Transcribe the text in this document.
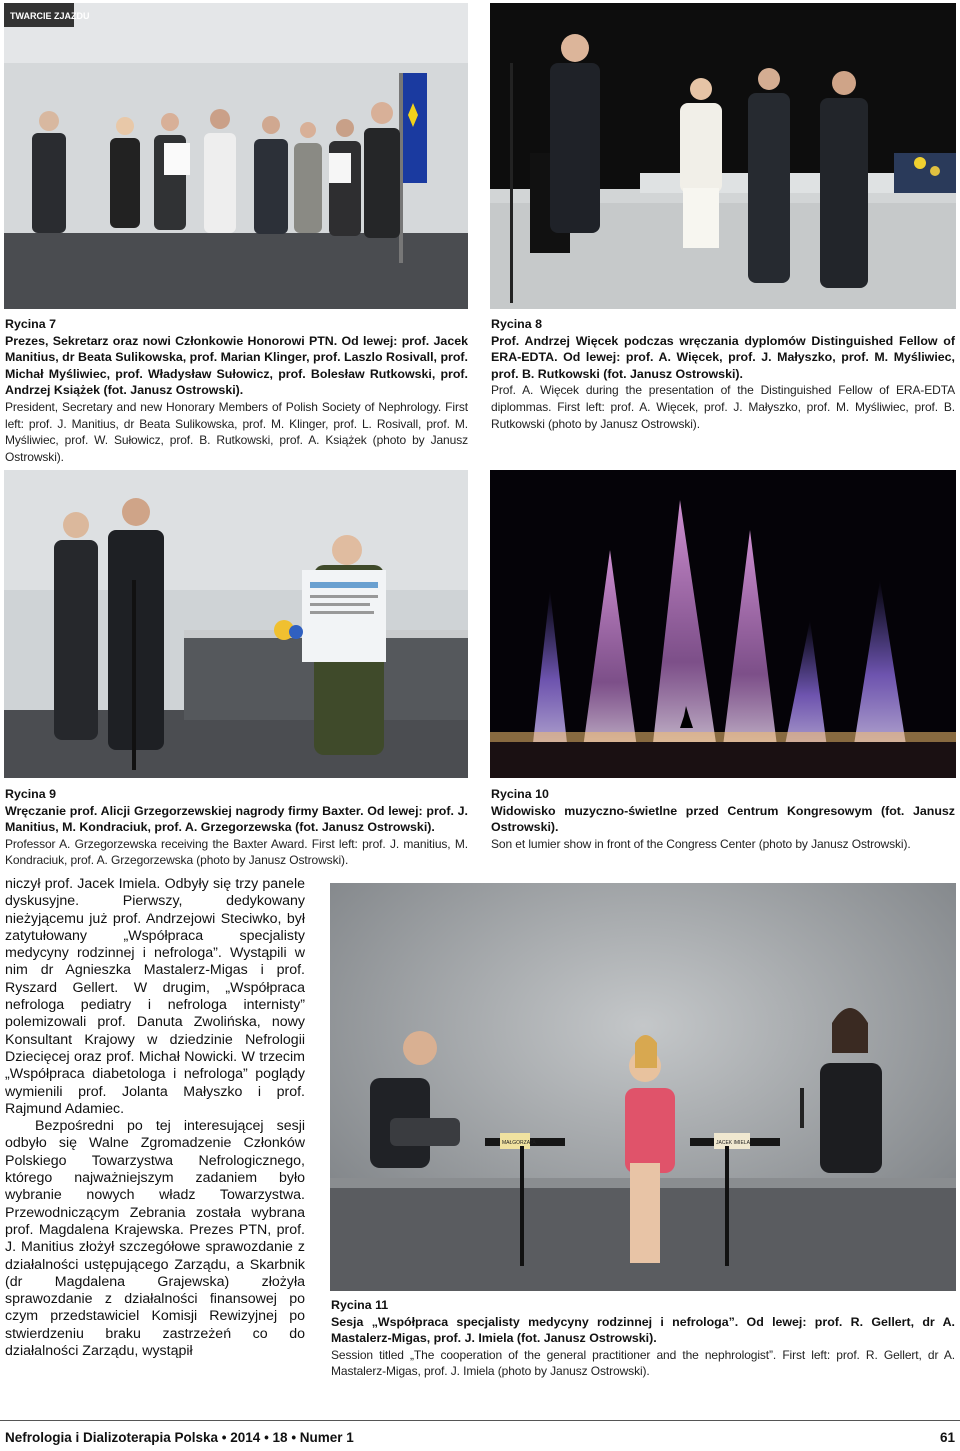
TWARCIE ZJAZDU
Rycina 7
Prezes, Sekretarz oraz nowi Członkowie Honorowi PTN. Od lewej: prof. Jacek Manitius, dr Beata Sulikowska, prof. Marian Klinger, prof. Laszlo Rosivall, prof. Michał Myśliwiec, prof. Władysław Sułowicz, prof. Bolesław Rutkowski, prof. Andrzej Książek (fot. Janusz Ostrowski).
President, Secretary and new Honorary Members of Polish Society of Nephrology. First left: prof. J. Manitius, dr Beata Sulikowska, prof. M. Klinger, prof. L. Rosivall, prof. M. Myśliwiec, prof. W. Sułowicz, prof. B. Rutkowski, prof. A. Książek (photo by Janusz Ostrowski).
Rycina 8
Prof. Andrzej Więcek podczas wręczania dyplomów Distinguished Fellow of ERA-EDTA. Od lewej: prof. A. Więcek, prof. J. Małyszko, prof. M. Myśliwiec, prof. B. Rutkowski (fot. Janusz Ostrowski).
Prof. A. Więcek during the presentation of the Distinguished Fellow of ERA-EDTA diplommas. First left: prof. A. Więcek, prof. J. Małyszko, prof. M. Myśliwiec, prof. B. Rutkowski (photo by Janusz Ostrowski).
Rycina 9
Wręczanie prof. Alicji Grzegorzewskiej nagrody firmy Baxter. Od lewej: prof. J. Manitius, M. Kondraciuk, prof. A. Grzegorzewska (fot. Janusz Ostrowski).
Professor A. Grzegorzewska receiving the Baxter Award. First left: prof. J. manitius, M. Kondraciuk, prof. A. Grzegorzewska (photo by Janusz Ostrowski).
Rycina 10
Widowisko muzyczno-świetlne przed Centrum Kongresowym (fot. Janusz Ostrowski).
Son et lumier show in front of the Congress Center (photo by Janusz Ostrowski).

niczył prof. Jacek Imiela. Odbyły się trzy panele dyskusyjne. Pierwszy, dedykowany nieżyjącemu już prof. Andrzejowi Steciwko, był zatytułowany „Współpraca specjalisty medycyny rodzinnej i nefrologa”. Wystąpili w nim dr Agnieszka Mastalerz-Migas i prof. Ryszard Gellert. W drugim, „Współpraca nefrologa pediatry i nefrologa internisty” polemizowali prof. Danuta Zwolińska, nowy Konsultant Krajowy w dziedzinie Nefrologii Dziecięcej oraz prof. Michał Nowicki. W trzecim „Współpraca diabetologa i nefrologa” poglądy wymienili prof. Jolanta Małyszko i prof. Rajmund Adamiec.

Bezpośredni po tej interesującej sesji odbyło się Walne Zgromadzenie Członków Polskiego Towarzystwa Nefrologicznego, którego najważniejszym zadaniem było wybranie nowych władz Towarzystwa. Przewodniczącym Zebrania została wybrana prof. Magdalena Krajewska. Prezes PTN, prof. J. Manitius złożył szczegółowe sprawozdanie z działalności ustępującego Zarządu, a Skarbnik (dr Magdalena Grajewska) złożyła sprawozdanie z działalności finansowej po czym przedstawiciel Komisji Rewizyjnej po stwierdzeniu braku zastrzeżeń co do działalności Zarządu, wystąpił

JACEK IMIELA
MAŁGORZATA
Rycina 11
Sesja „Współpraca specjalisty medycyny rodzinnej i nefrologa”. Od lewej: prof. R. Gellert, dr A. Mastalerz-Migas, prof. J. Imiela (fot. Janusz Ostrowski).
Session titled „The cooperation of the general practitioner and the nephrologist”. First left: prof. R. Gellert, dr A. Mastalerz-Migas, prof. J. Imiela (photo by Janusz Ostrowski).
Nefrologia i Dializoterapia Polska • 2014 • 18 • Numer 1	61
